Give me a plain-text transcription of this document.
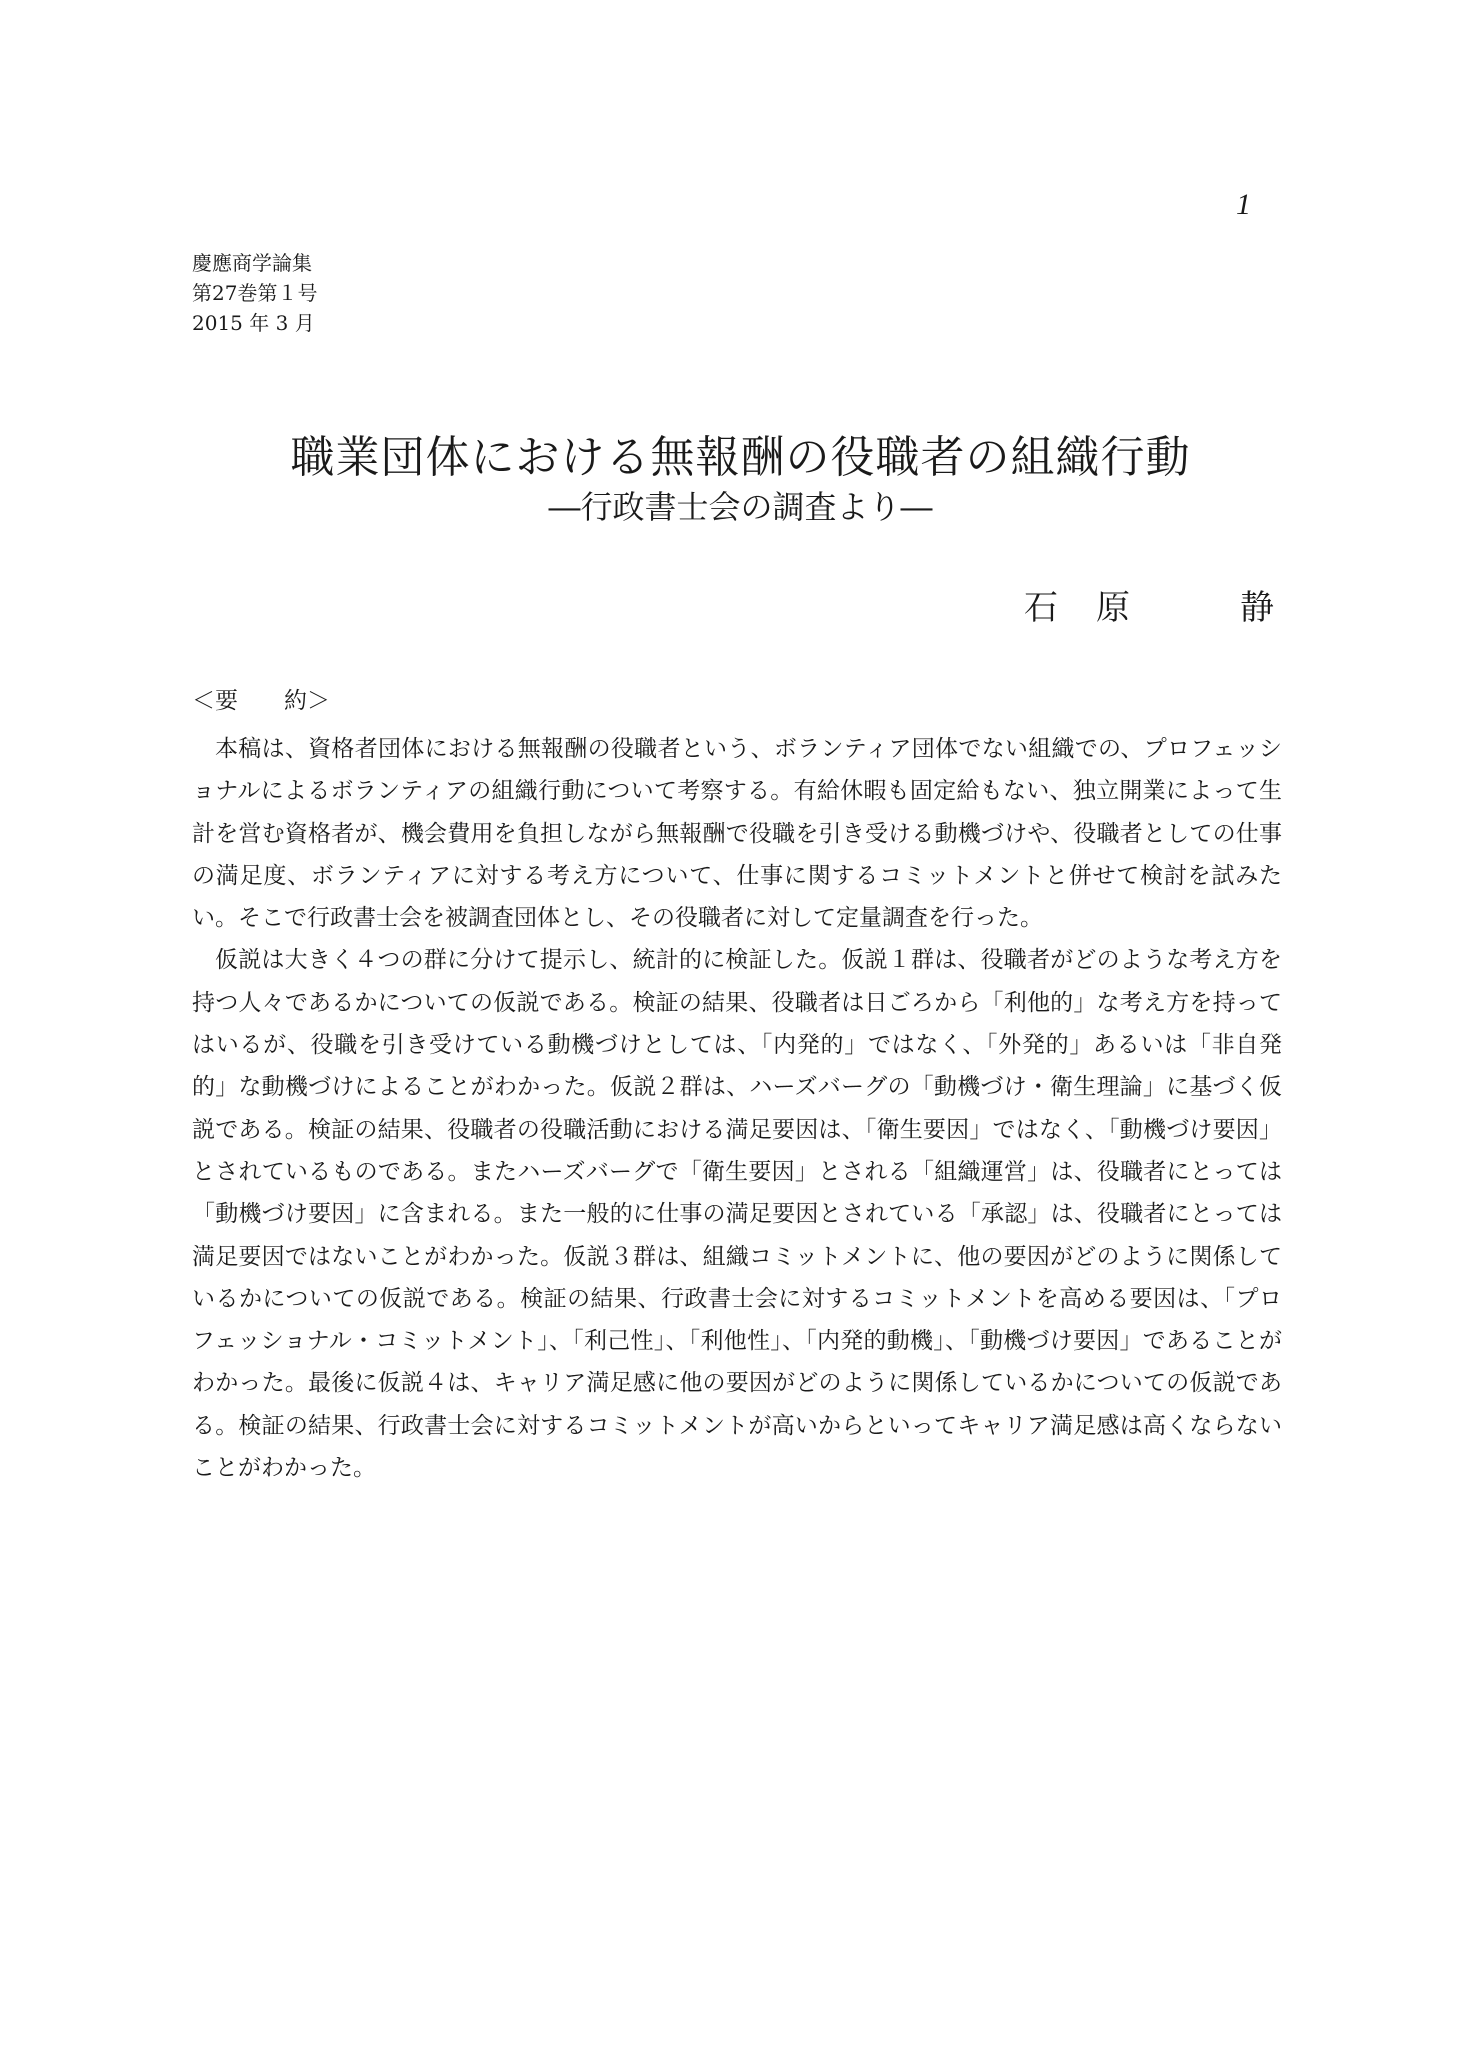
1
慶應商学論集
第27巻第１号
2015 年 3 月
職業団体における無報酬の役職者の組織行動
―行政書士会の調査より―
石　原　　　静
＜要　　約＞

本稿は、資格者団体における無報酬の役職者という、ボランティア団体でない組織での、プロフェッショナルによるボランティアの組織行動について考察する。有給休暇も固定給もない、独立開業によって生計を営む資格者が、機会費用を負担しながら無報酬で役職を引き受ける動機づけや、役職者としての仕事の満足度、ボランティアに対する考え方について、仕事に関するコミットメントと併せて検討を試みたい。そこで行政書士会を被調査団体とし、その役職者に対して定量調査を行った。

仮説は大きく４つの群に分けて提示し、統計的に検証した。仮説１群は、役職者がどのような考え方を持つ人々であるかについての仮説である。検証の結果、役職者は日ごろから「利他的」な考え方を持ってはいるが、役職を引き受けている動機づけとしては、「内発的」ではなく、「外発的」あるいは「非自発的」な動機づけによることがわかった。仮説２群は、ハーズバーグの「動機づけ・衛生理論」に基づく仮説である。検証の結果、役職者の役職活動における満足要因は、「衛生要因」ではなく、「動機づけ要因」とされているものである。またハーズバーグで「衛生要因」とされる「組織運営」は、役職者にとっては「動機づけ要因」に含まれる。また一般的に仕事の満足要因とされている「承認」は、役職者にとっては満足要因ではないことがわかった。仮説３群は、組織コミットメントに、他の要因がどのように関係しているかについての仮説である。検証の結果、行政書士会に対するコミットメントを高める要因は、「プロフェッショナル・コミットメント」、「利己性」、「利他性」、「内発的動機」、「動機づけ要因」であることがわかった。最後に仮説４は、キャリア満足感に他の要因がどのように関係しているかについての仮説である。検証の結果、行政書士会に対するコミットメントが高いからといってキャリア満足感は高くならないことがわかった。
